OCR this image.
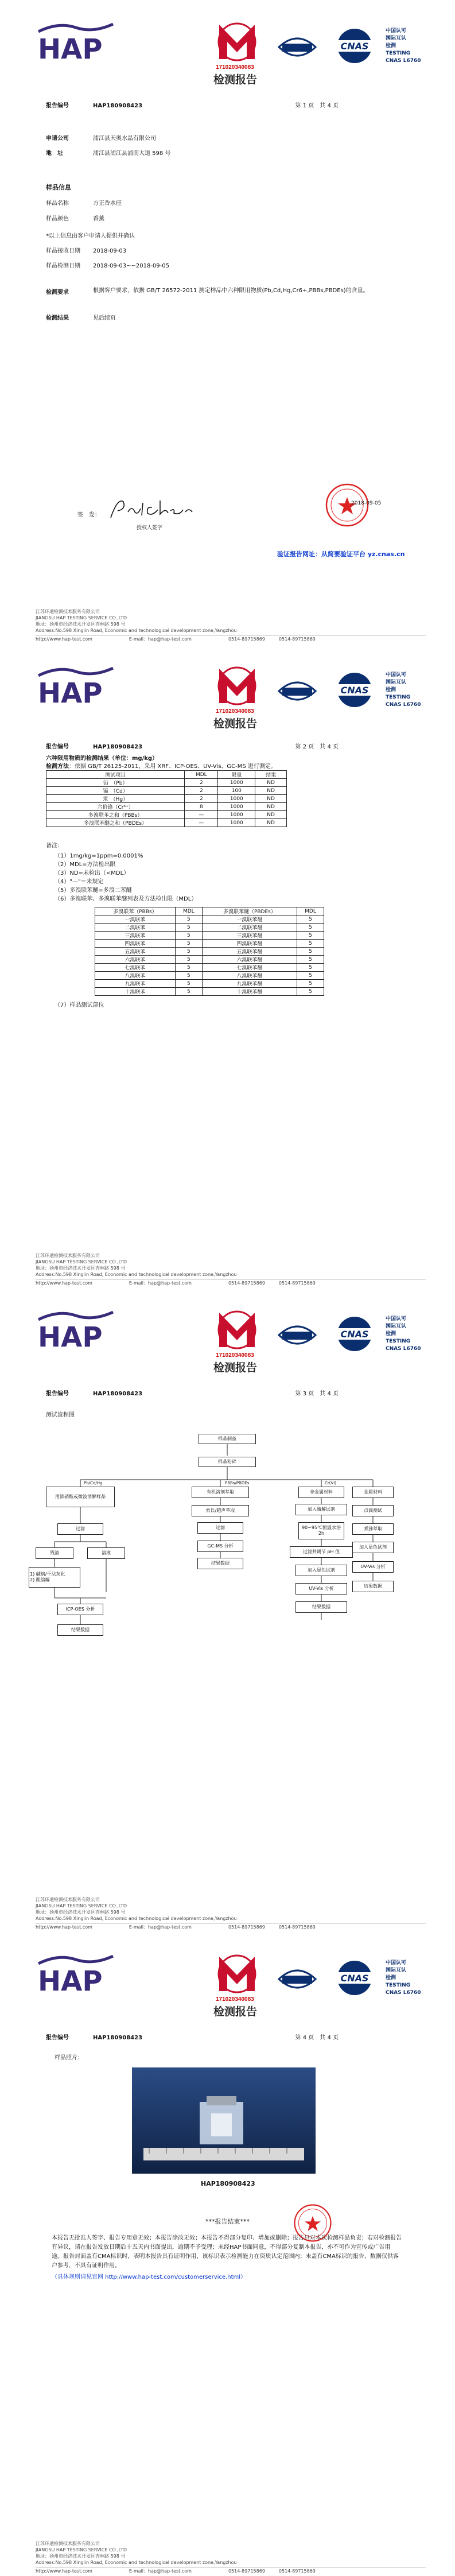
HAP
171020340083
检测报告
CNAS
中国认可
国际互认
检测
TESTING
CNAS L6760
报告编号	HAP180908423	第 1 页　共 4 页
申请公司	浦江县天奥水晶有限公司
地　址	浦江县浦江县浦南大道 598 号
样品信息
样品名称	方正香水座
样品颜色	香薰
*以上信息由客户申请人提供并确认
样品接收日期 2018-09-03
样品检测日期 2018-09-03~~2018-09-05
检测要求	根据客户要求，依据 GB/T 26572-2011 测定样品中六种限用物质(Pb,Cd,Hg,Cr6+,PBBs,PBDEs)的含量。
检测结果	见后续页
签　发：
授权人签字
2018-09-05
验证报告网址：从简要验证平台 yz.cnas.cn
江苏环通检测技术服务有限公司
JIANGSU HAP TESTING SERVICE CO.,LTD
地址：扬州市经济技术开发区杏林路 598 号
Address:No.598 Xinglin Road, Economic and technological development zone,Yangzhou
http://www.hap-test.com　　　　　　　　	E-mail：hap@hap-test.com　　　　　　　　	0514-89715869　　　	0514-89715869
HAP
171020340083
检测报告
CNAS
中国认可
国际互认
检测
TESTING
CNAS L6760
报告编号	HAP180908423	第 2 页　共 4 页
六种限用物质的检测结果（单位：mg/kg）
检测方法：依据 GB/T 26125-2011，采用 XRF、ICP-OES、UV-Vis、GC-MS 进行测定。
测试项目	MDL	限量	结果
铅　（Pb）	2	1000	ND
镉　（Cd）	2	100	ND
汞　（Hg）	2	1000	ND
六价铬（Cr⁶⁺）	8	1000	ND
多溴联苯之和（PBBs）	—	1000	ND
多溴联苯醚之和（PBDEs）	—	1000	ND
备注：
（1）1mg/kg=1ppm=0.0001%
（2）MDL=方法检出限
（3）ND=未检出（<MDL）
（4）"—"＝未规定
（5）多溴联苯醚=多溴二苯醚
（6）多溴联苯、多溴联苯醚列表及方法检出限（MDL）
多溴联苯（PBBs）	MDL	多溴联苯醚（PBDEs）	MDL
一溴联苯	5	一溴联苯醚	5
二溴联苯	5	二溴联苯醚	5
三溴联苯	5	三溴联苯醚	5
四溴联苯	5	四溴联苯醚	5
五溴联苯	5	五溴联苯醚	5
六溴联苯	5	六溴联苯醚	5
七溴联苯	5	七溴联苯醚	5
八溴联苯	5	八溴联苯醚	5
九溴联苯	5	九溴联苯醚	5
十溴联苯	5	十溴联苯醚	5
（7）样品测试部位
江苏环通检测技术服务有限公司
JIANGSU HAP TESTING SERVICE CO.,LTD
地址：扬州市经济技术开发区杏林路 598 号
Address:No.598 Xinglin Road, Economic and technological development zone,Yangzhou
http://www.hap-test.com　　　　　　　　	E-mail：hap@hap-test.com　　　　　　　　	0514-89715869　　　	0514-89715869
HAP
171020340083
检测报告
CNAS
中国认可
国际互认
检测
TESTING
CNAS L6760
报告编号	HAP180908423	第 3 页　共 4 页
测试流程图
样品制备
样品粉碎
Pb/Cd/Hg	PBBs/PBDEs	Cr(VI)
用浓硝酸或微波消解样品
有机溶剂萃取	非金属材料	金属材料
过滤
索氏/超声萃取
过滤
GC-MS 分析
结果数据
残渣	溶液
1) 碱熔/干法灰化
2) 酸溶解
ICP-OES 分析
结果数据
加入酶解试剂
90~95℃恒温水浴 2h
过滤并调节 pH 值
加入显色试剂
UV-Vis 分析
结果数据
点滴测试
煮沸萃取
加入显色试剂
UV-Vis 分析
结果数据
江苏环通检测技术服务有限公司
JIANGSU HAP TESTING SERVICE CO.,LTD
地址：扬州市经济技术开发区杏林路 598 号
Address:No.598 Xinglin Road, Economic and technological development zone,Yangzhou
http://www.hap-test.com　　　　　　　　	E-mail：hap@hap-test.com　　　　　　　　	0514-89715869　　　	0514-89715869
HAP
171020340083
检测报告
CNAS
中国认可
国际互认
检测
TESTING
CNAS L6760
报告编号	HAP180908423	第 4 页　共 4 页
样品照片：
HAP180908423
***报告结束***
本报告无批准人签字、报告专用章无效；本报告涂改无效；本报告不得部分复印、增加或删除；报告只对本次检测样品负责；若对检测报告有异议，请在报告发放日期后十五天内书面提出，逾期不予受理；未经HAP书面同意，不得部分复制本报告，亦不可作为宣传或广告用途。报告封面盖有CMA标识时，表明本报告具有证明作用，该标识表示检测能力在资质认定范围内；未盖有CMA标识的报告，数据仅供客户参考，不具有证明作用。
（具体规则请见官网 http://www.hap-test.com/customerservice.html）
江苏环通检测技术服务有限公司
JIANGSU HAP TESTING SERVICE CO.,LTD
地址：扬州市经济技术开发区杏林路 598 号
Address:No.598 Xinglin Road, Economic and technological development zone,Yangzhou
http://www.hap-test.com　　　　　　　　	E-mail：hap@hap-test.com　　　　　　　　	0514-89715869　　　	0514-89715869
